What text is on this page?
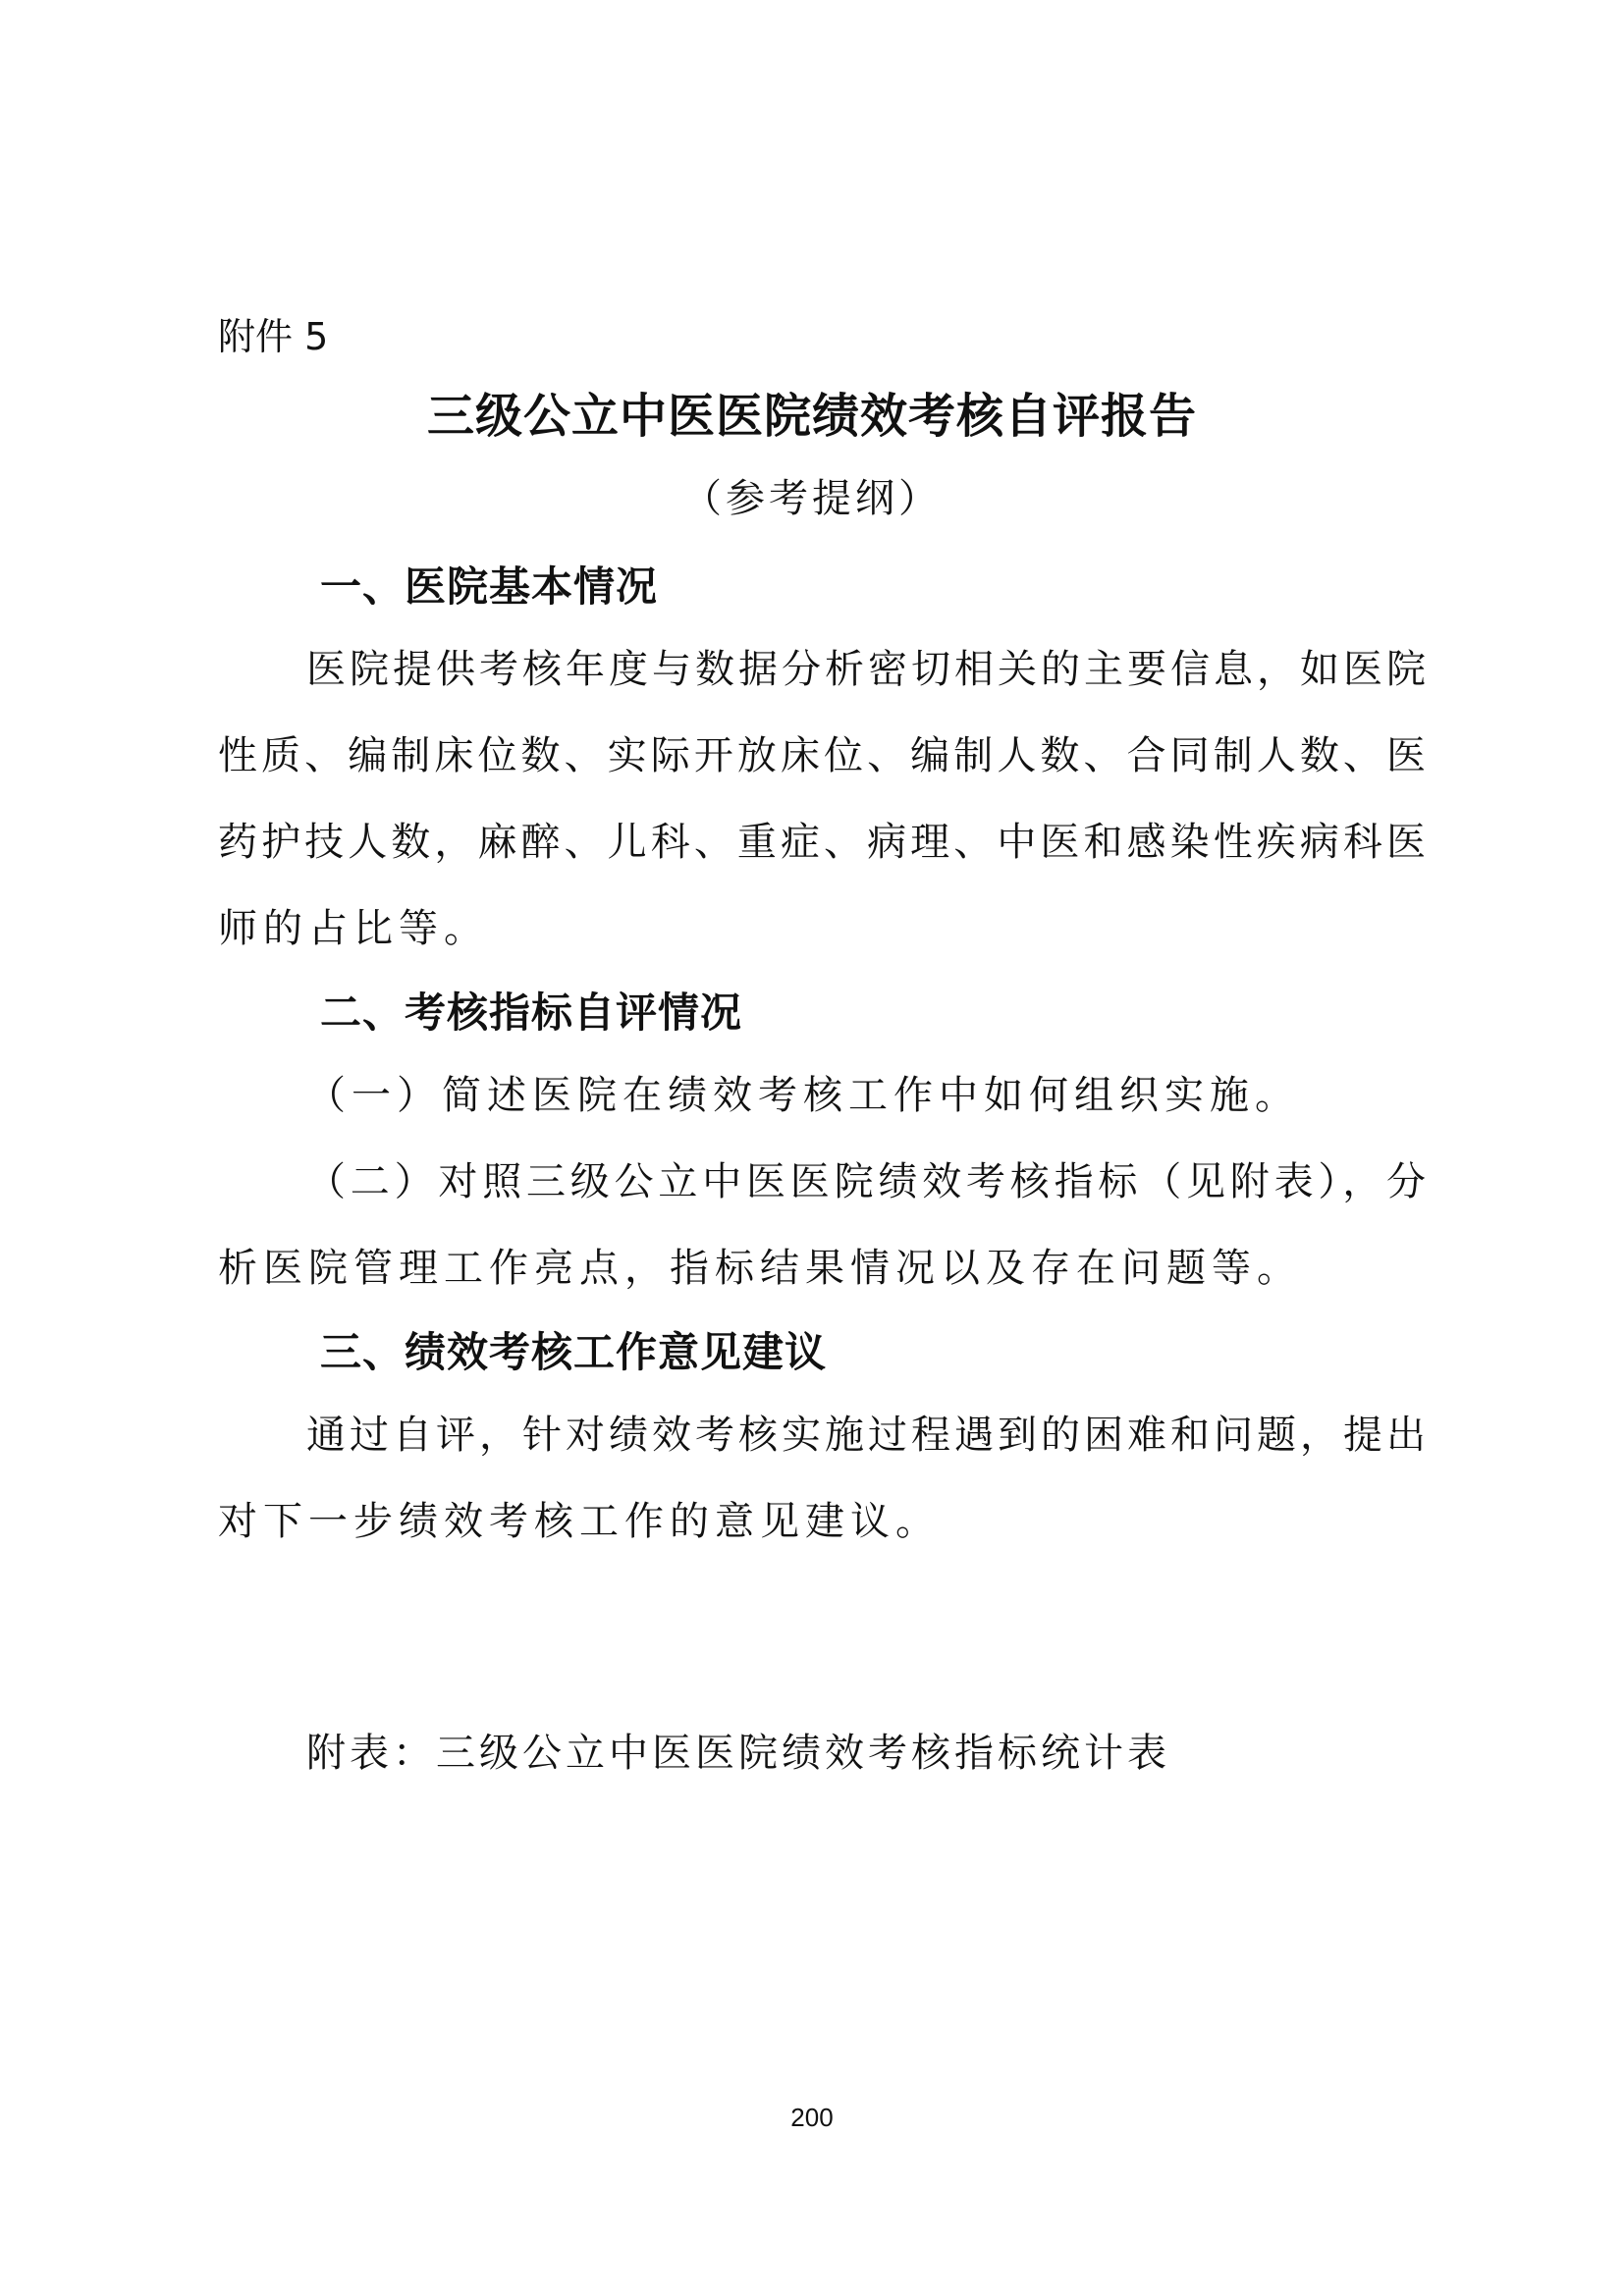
附件 5
三级公立中医医院绩效考核自评报告
（参考提纲）
一、医院基本情况
医院提供考核年度与数据分析密切相关的主要信息，如医院
性质、编制床位数、实际开放床位、编制人数、合同制人数、医
药护技人数，麻醉、儿科、重症、病理、中医和感染性疾病科医
师的占比等。
二、考核指标自评情况
（一）简述医院在绩效考核工作中如何组织实施。
（二）对照三级公立中医医院绩效考核指标（见附表），分
析医院管理工作亮点，指标结果情况以及存在问题等。
三、绩效考核工作意见建议
通过自评，针对绩效考核实施过程遇到的困难和问题，提出
对下一步绩效考核工作的意见建议。
附表：三级公立中医医院绩效考核指标统计表
200
